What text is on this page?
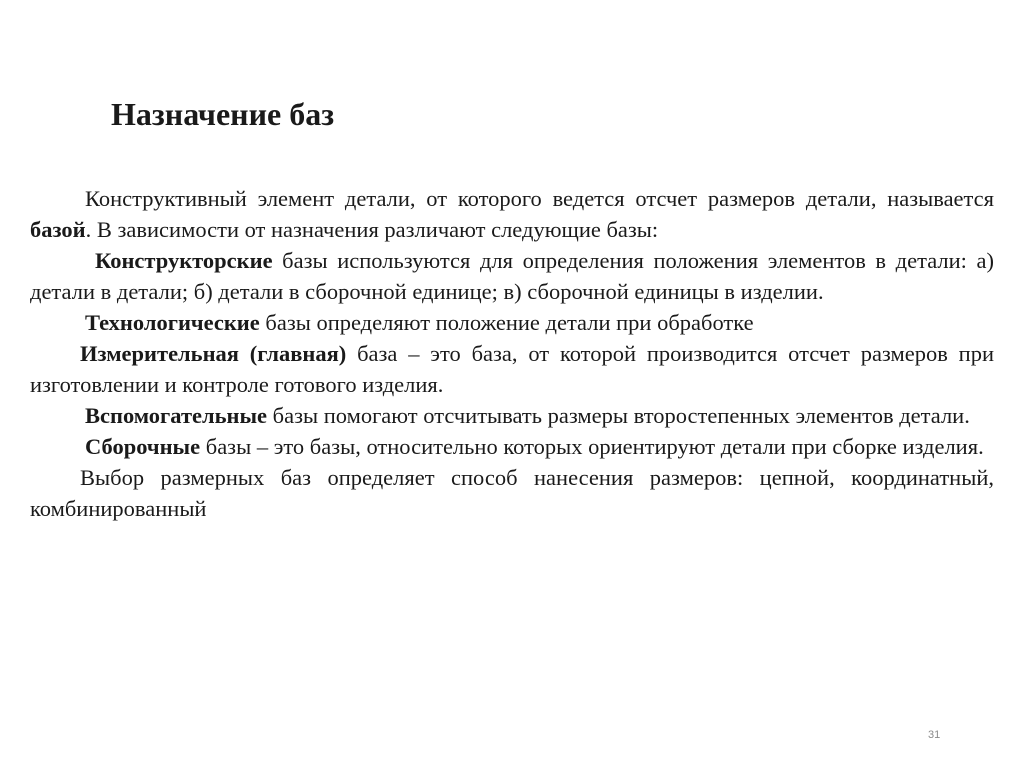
Назначение баз

Конструктивный элемент детали, от которого ведется отсчет размеров детали, называется базой. В зависимости от назначения различают следующие базы:

Конструкторские базы используются для определения положения элементов в детали: а) детали в детали; б) детали в сборочной единице; в) сборочной единицы в изделии.

Технологические базы определяют положение детали при обработке

Измерительная (главная) база – это база, от которой производится отсчет размеров при изготовлении и контроле готового изделия.

Вспомогательные базы помогают отсчитывать размеры второстепенных элементов детали.

Сборочные базы – это базы, относительно которых ориентируют детали при сборке изделия.

Выбор размерных баз определяет способ нанесения размеров: цепной, координатный, комбинированный

31
